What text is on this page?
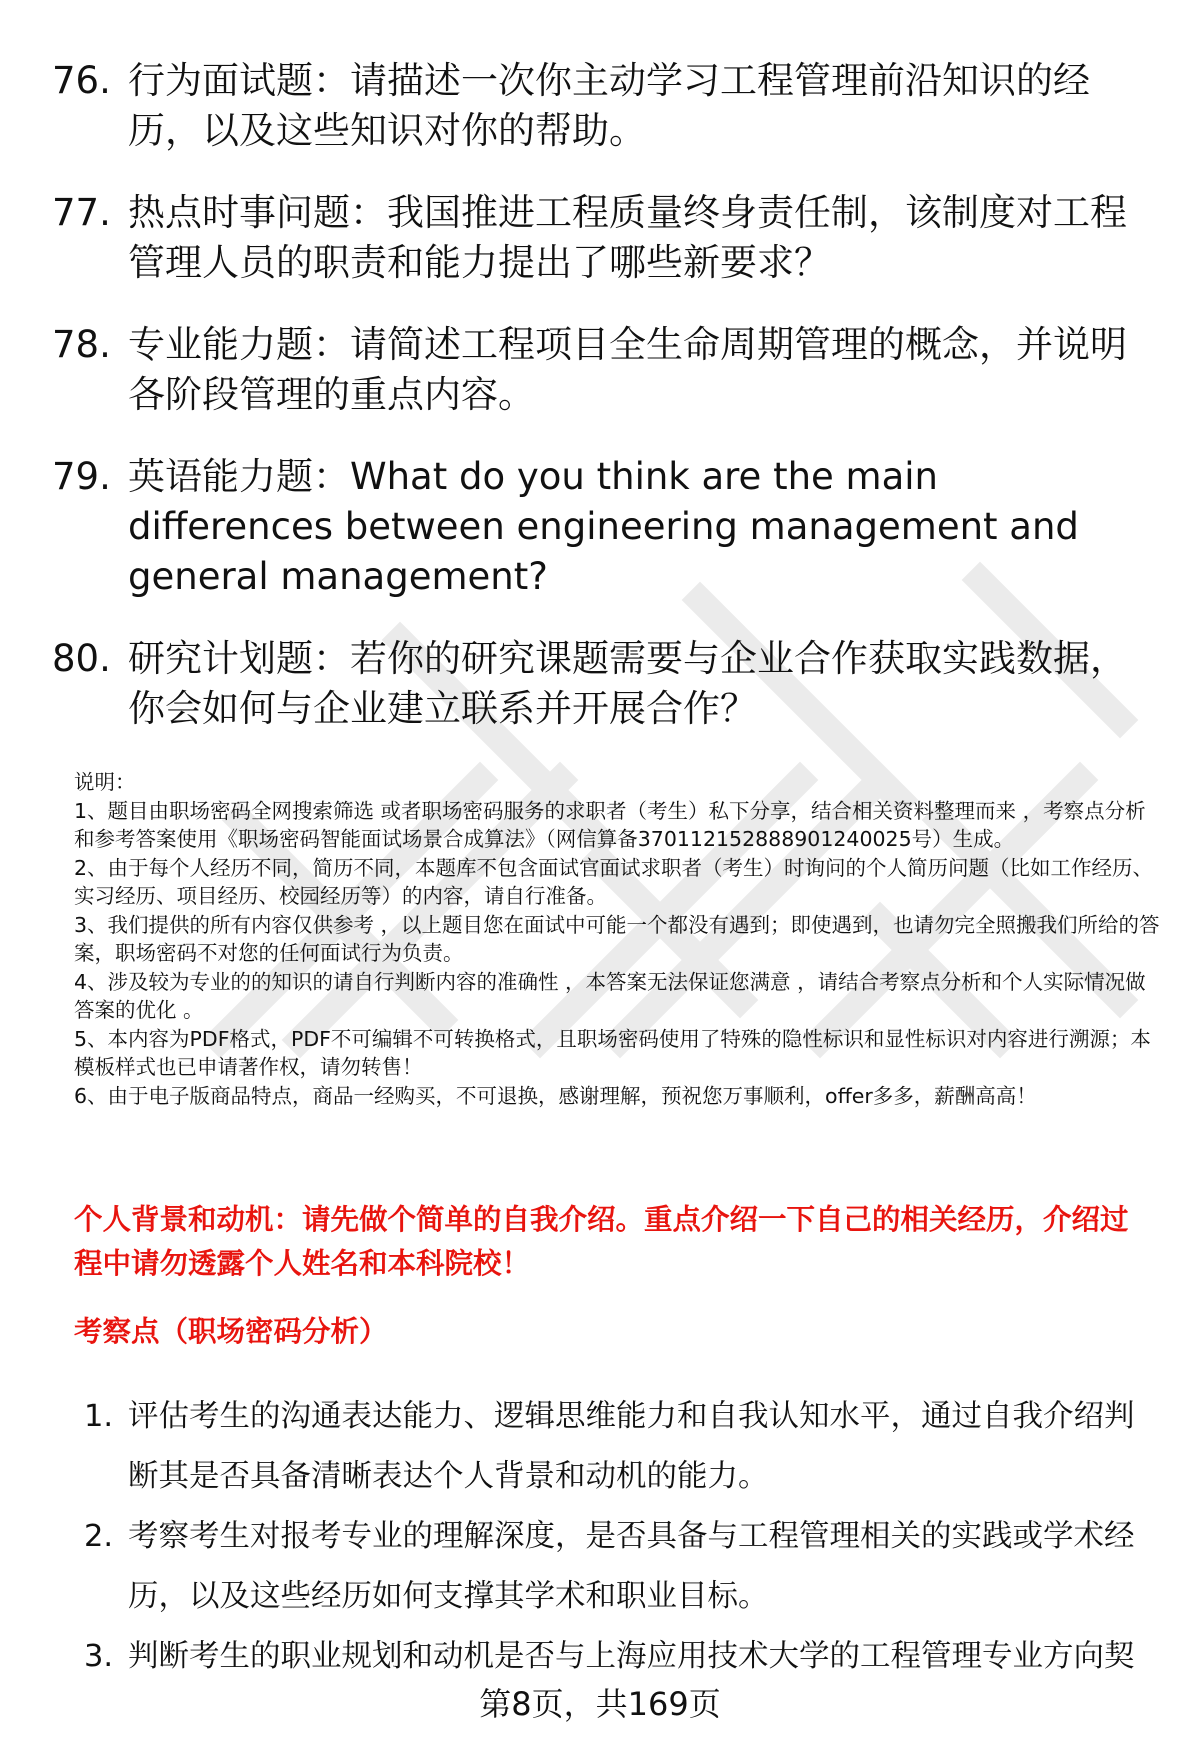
76. 行为面试题：请描述一次你主动学习工程管理前沿知识的经历，以及这些知识对你的帮助。
77. 热点时事问题：我国推进工程质量终身责任制，该制度对工程管理人员的职责和能力提出了哪些新要求？
78. 专业能力题：请简述工程项目全生命周期管理的概念，并说明各阶段管理的重点内容。
79. 英语能力题：What do you think are the main differences between engineering management and general management?
80. 研究计划题：若你的研究课题需要与企业合作获取实践数据，你会如何与企业建立联系并开展合作？

说明：

1、题目由职场密码全网搜索筛选 或者职场密码服务的求职者（考生）私下分享，结合相关资料整理而来 ，考察点分析和参考答案使用《职场密码智能面试场景合成算法》（网信算备370112152888901240025号）生成。

2、由于每个人经历不同，简历不同，本题库不包含面试官面试求职者（考生）时询问的个人简历问题（比如工作经历、实习经历、项目经历、校园经历等）的内容，请自行准备。

3、我们提供的所有内容仅供参考 ，以上题目您在面试中可能一个都没有遇到；即使遇到，也请勿完全照搬我们所给的答案，职场密码不对您的任何面试行为负责。

4、涉及较为专业的的知识的请自行判断内容的准确性 ，本答案无法保证您满意 ，请结合考察点分析和个人实际情况做答案的优化 。

5、本内容为PDF格式，PDF不可编辑不可转换格式，且职场密码使用了特殊的隐性标识和显性标识对内容进行溯源；本模板样式也已申请著作权，请勿转售！

6、由于电子版商品特点，商品一经购买，不可退换，感谢理解，预祝您万事顺利，offer多多，薪酬高高！

个人背景和动机：请先做个简单的自我介绍。重点介绍一下自己的相关经历，介绍过程中请勿透露个人姓名和本科院校！
考察点（职场密码分析）
1. 评估考生的沟通表达能力、逻辑思维能力和自我认知水平，通过自我介绍判断其是否具备清晰表达个人背景和动机的能力。
2. 考察考生对报考专业的理解深度，是否具备与工程管理相关的实践或学术经历，以及这些经历如何支撑其学术和职业目标。
3. 判断考生的职业规划和动机是否与上海应用技术大学的工程管理专业方向契
第8页，共169页
